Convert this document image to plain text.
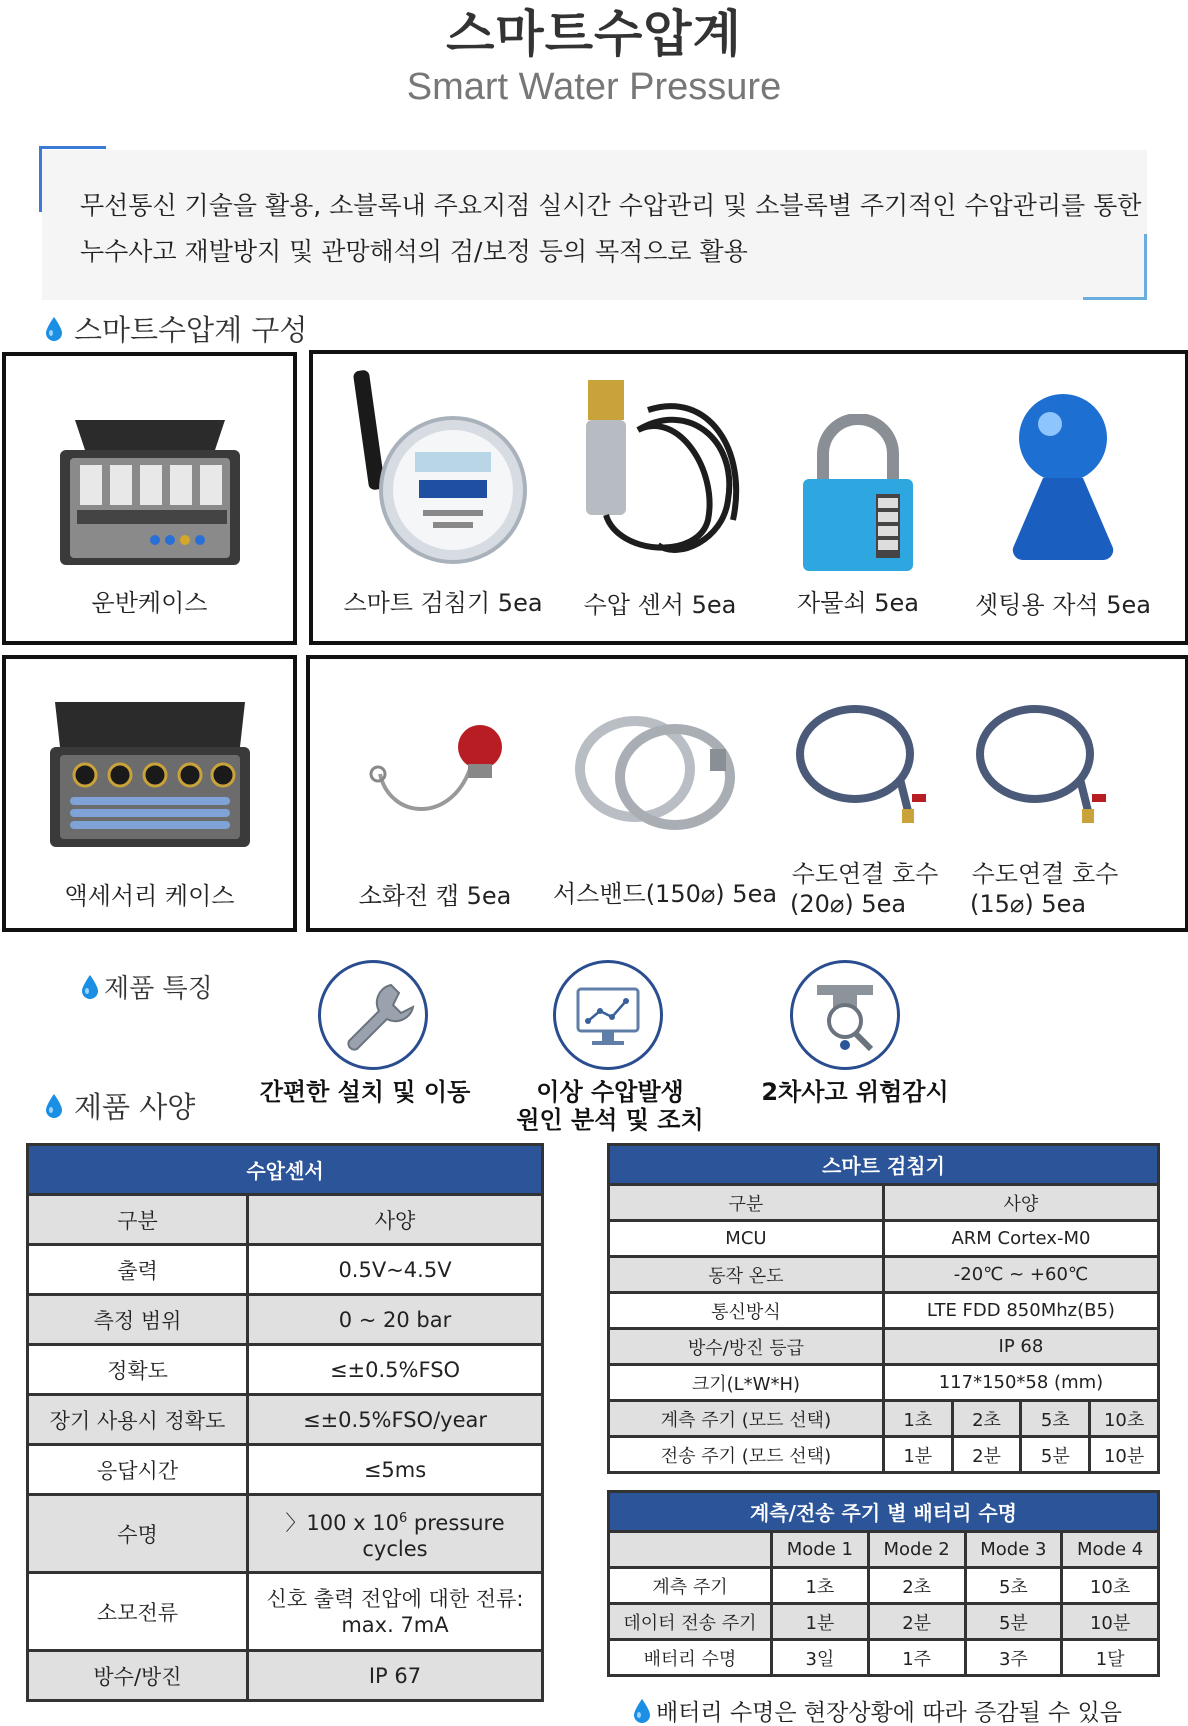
스마트수압계
Smart Water Pressure

무선통신 기술을 활용, 소블록내 주요지점 실시간 수압관리 및 소블록별 주기적인 수압관리를 통한

누수사고 재발방지 및 관망해석의 검/보정 등의 목적으로 활용

스마트수압계 구성
운반케이스	스마트 검침기 5ea	수압 센서 5ea	자물쇠 5ea	셋팅용 자석 5ea
액세서리 케이스	소화전 캡 5ea	서스밴드(150⌀) 5ea
수도연결 호수
(20⌀) 5ea
수도연결 호수
(15⌀) 5ea
제품 특징
제품 사양	간편한 설치 및 이동	이상 수압발생
원인 분석 및 조치
2차사고 위험감시
수압센서	
구분	사양
출력	0.5V~4.5V
측정 범위	0 ~ 20 bar
정확도	≤±0.5%FSO
장기 사용시 정확도	≤±0.5%FSO/year
응답시간	≤5ms
수명	〉100 x $10^6$ pressure
cycles
소모전류	신호 출력 전압에 대한 전류:
max. 7mA
방수/방진	IP 67
스마트 검침기				
구분	사양			
MCU	ARM Cortex-M0			
동작 온도	-20℃ ~ +60℃			
통신방식	LTE FDD 850Mhz(B5)			
방수/방진 등급	IP 68			
크기(L*W*H)	117*150*58 (mm)			
계측 주기 (모드 선택)	1초	2초	5초	10초
전송 주기 (모드 선택)	1분	2분	5분	10분
계측/전송 주기 별 배터리 수명				
	Mode 1	Mode 2	Mode 3	Mode 4
계측 주기	1초	2초	5초	10초
데이터 전송 주기	1분	2분	5분	10분
배터리 수명	3일	1주	3주	1달
배터리 수명은 현장상황에 따라 증감될 수 있음
